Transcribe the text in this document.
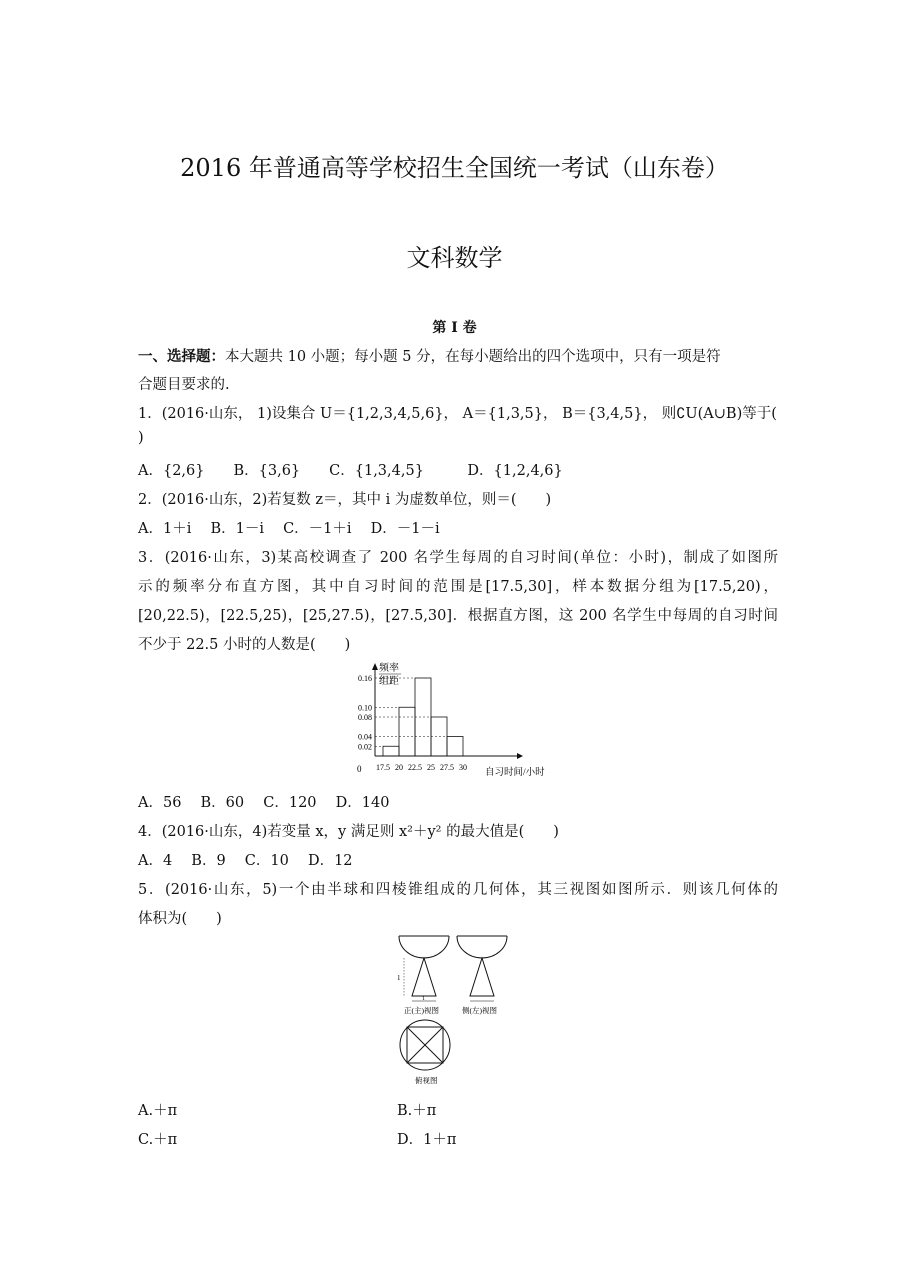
2016 年普通高等学校招生全国统一考试（山东卷）
文科数学
第 Ⅰ 卷
一、选择题：本大题共 10 小题；每小题 5 分，在每小题给出的四个选项中，只有一项是符
合题目要求的.
1．(2016·山东， 1)设集合 U＝{1,2,3,4,5,6}， A＝{1,3,5}， B＝{3,4,5}， 则∁U(A∪B)等于(
)
A．{2,6}　　B．{3,6}　　C．{1,3,4,5}　　　D．{1,2,4,6}
2．(2016·山东，2)若复数 z＝，其中 i 为虚数单位，则＝(　　)
A．1＋i　 B．1－i　 C．－1＋i　 D．－1－i
3．(2016·山东，3)某高校调查了 200 名学生每周的自习时间(单位：小时)，制成了如图所
示的频率分布直方图，其中自习时间的范围是[17.5,30]，样本数据分组为[17.5,20)，
[20,22.5)，[22.5,25)，[25,27.5)，[27.5,30]．根据直方图，这 200 名学生中每周的自习时间
不少于 22.5 小时的人数是(　　)
频率
组距
0.16
0.10
0.08
0.04
0.02
17.5 20 22.5 25 27.5 30
0	自习时间/小时
A．56　 B．60　 C．120　 D．140
4．(2016·山东，4)若变量 x，y 满足则 x²＋y² 的最大值是(　　)
A．4　 B．9　 C．10　 D．12
5．(2016·山东，5)一个由半球和四棱锥组成的几何体，其三视图如图所示．则该几何体的
体积为(　　)
1
1
正(主)视图	侧(左)视图
俯视图
A.＋π	B.＋π
C.＋π	D．1＋π
